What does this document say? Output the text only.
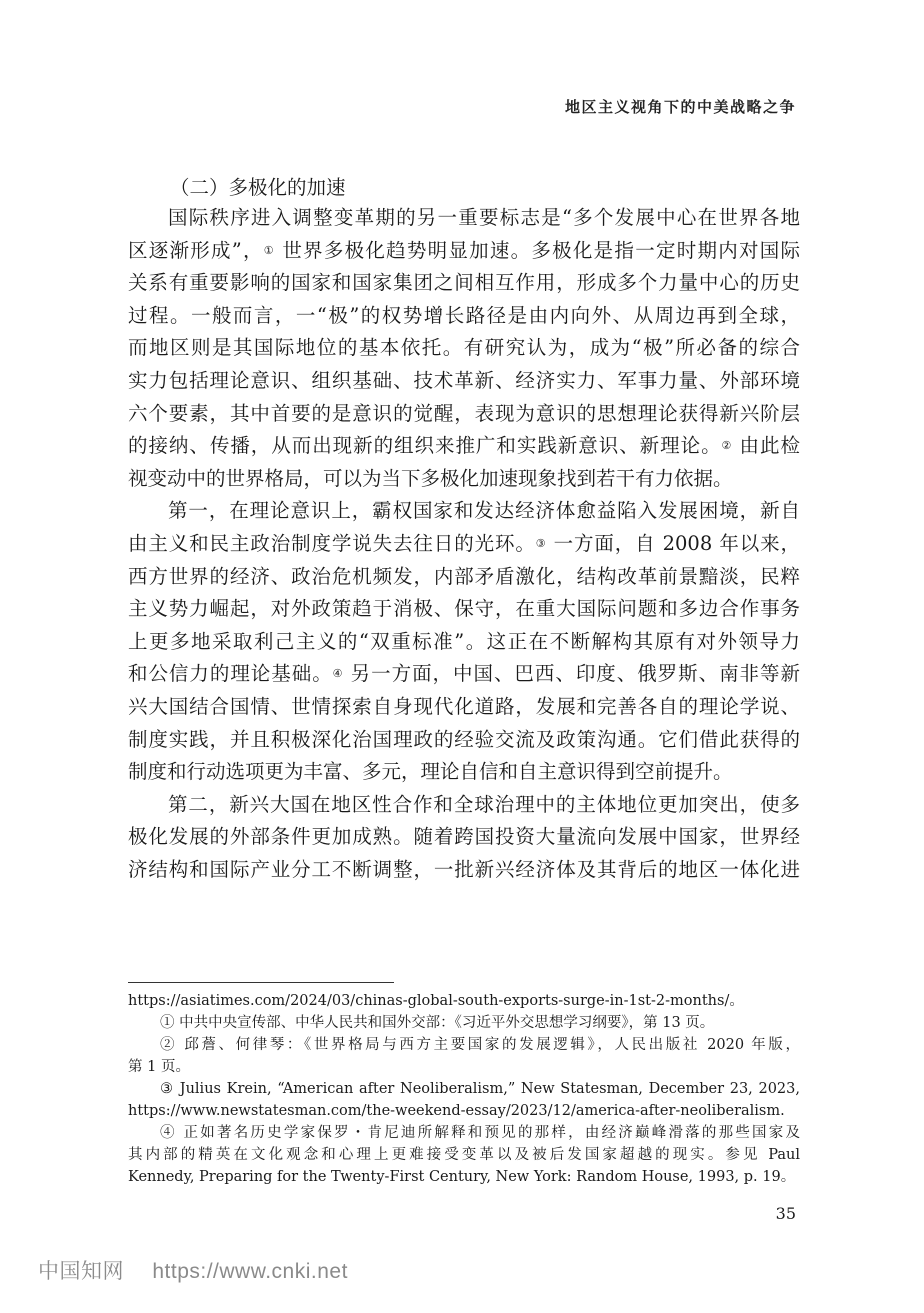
地区主义视角下的中美战略之争
（二）多极化的加速
国际秩序进入调整变革期的另一重要标志是“多个发展中心在世界各地
区逐渐形成”，① 世界多极化趋势明显加速。多极化是指一定时期内对国际
关系有重要影响的国家和国家集团之间相互作用，形成多个力量中心的历史
过程。一般而言，一“极”的权势增长路径是由内向外、从周边再到全球，
而地区则是其国际地位的基本依托。有研究认为，成为“极”所必备的综合
实力包括理论意识、组织基础、技术革新、经济实力、军事力量、外部环境
六个要素，其中首要的是意识的觉醒，表现为意识的思想理论获得新兴阶层
的接纳、传播，从而出现新的组织来推广和实践新意识、新理论。② 由此检
视变动中的世界格局，可以为当下多极化加速现象找到若干有力依据。
第一，在理论意识上，霸权国家和发达经济体愈益陷入发展困境，新自
由主义和民主政治制度学说失去往日的光环。③ 一方面，自 2008 年以来，
西方世界的经济、政治危机频发，内部矛盾激化，结构改革前景黯淡，民粹
主义势力崛起，对外政策趋于消极、保守，在重大国际问题和多边合作事务
上更多地采取利己主义的“双重标准”。这正在不断解构其原有对外领导力
和公信力的理论基础。④ 另一方面，中国、巴西、印度、俄罗斯、南非等新
兴大国结合国情、世情探索自身现代化道路，发展和完善各自的理论学说、
制度实践，并且积极深化治国理政的经验交流及政策沟通。它们借此获得的
制度和行动选项更为丰富、多元，理论自信和自主意识得到空前提升。
第二，新兴大国在地区性合作和全球治理中的主体地位更加突出，使多
极化发展的外部条件更加成熟。随着跨国投资大量流向发展中国家，世界经
济结构和国际产业分工不断调整，一批新兴经济体及其背后的地区一体化进
https://asiatimes.com/2024/03/chinas-global-south-exports-surge-in-1st-2-months/。
① 中共中央宣传部、中华人民共和国外交部：《习近平外交思想学习纲要》，第 13 页。
② 邱薝、何律琴：《世界格局与西方主要国家的发展逻辑》，人民出版社 2020 年版，
第 1 页。
③ Julius Krein, “American after Neoliberalism,” New Statesman, December 23, 2023,
https://www.newstatesman.com/the-weekend-essay/2023/12/america-after-neoliberalism.
④ 正如著名历史学家保罗・肯尼迪所解释和预见的那样，由经济巅峰滑落的那些国家及
其内部的精英在文化观念和心理上更难接受变革以及被后发国家超越的现实。参见 Paul
Kennedy, Preparing for the Twenty-First Century, New York: Random House, 1993, p. 19。
35
中国知网 https://www.cnki.net
